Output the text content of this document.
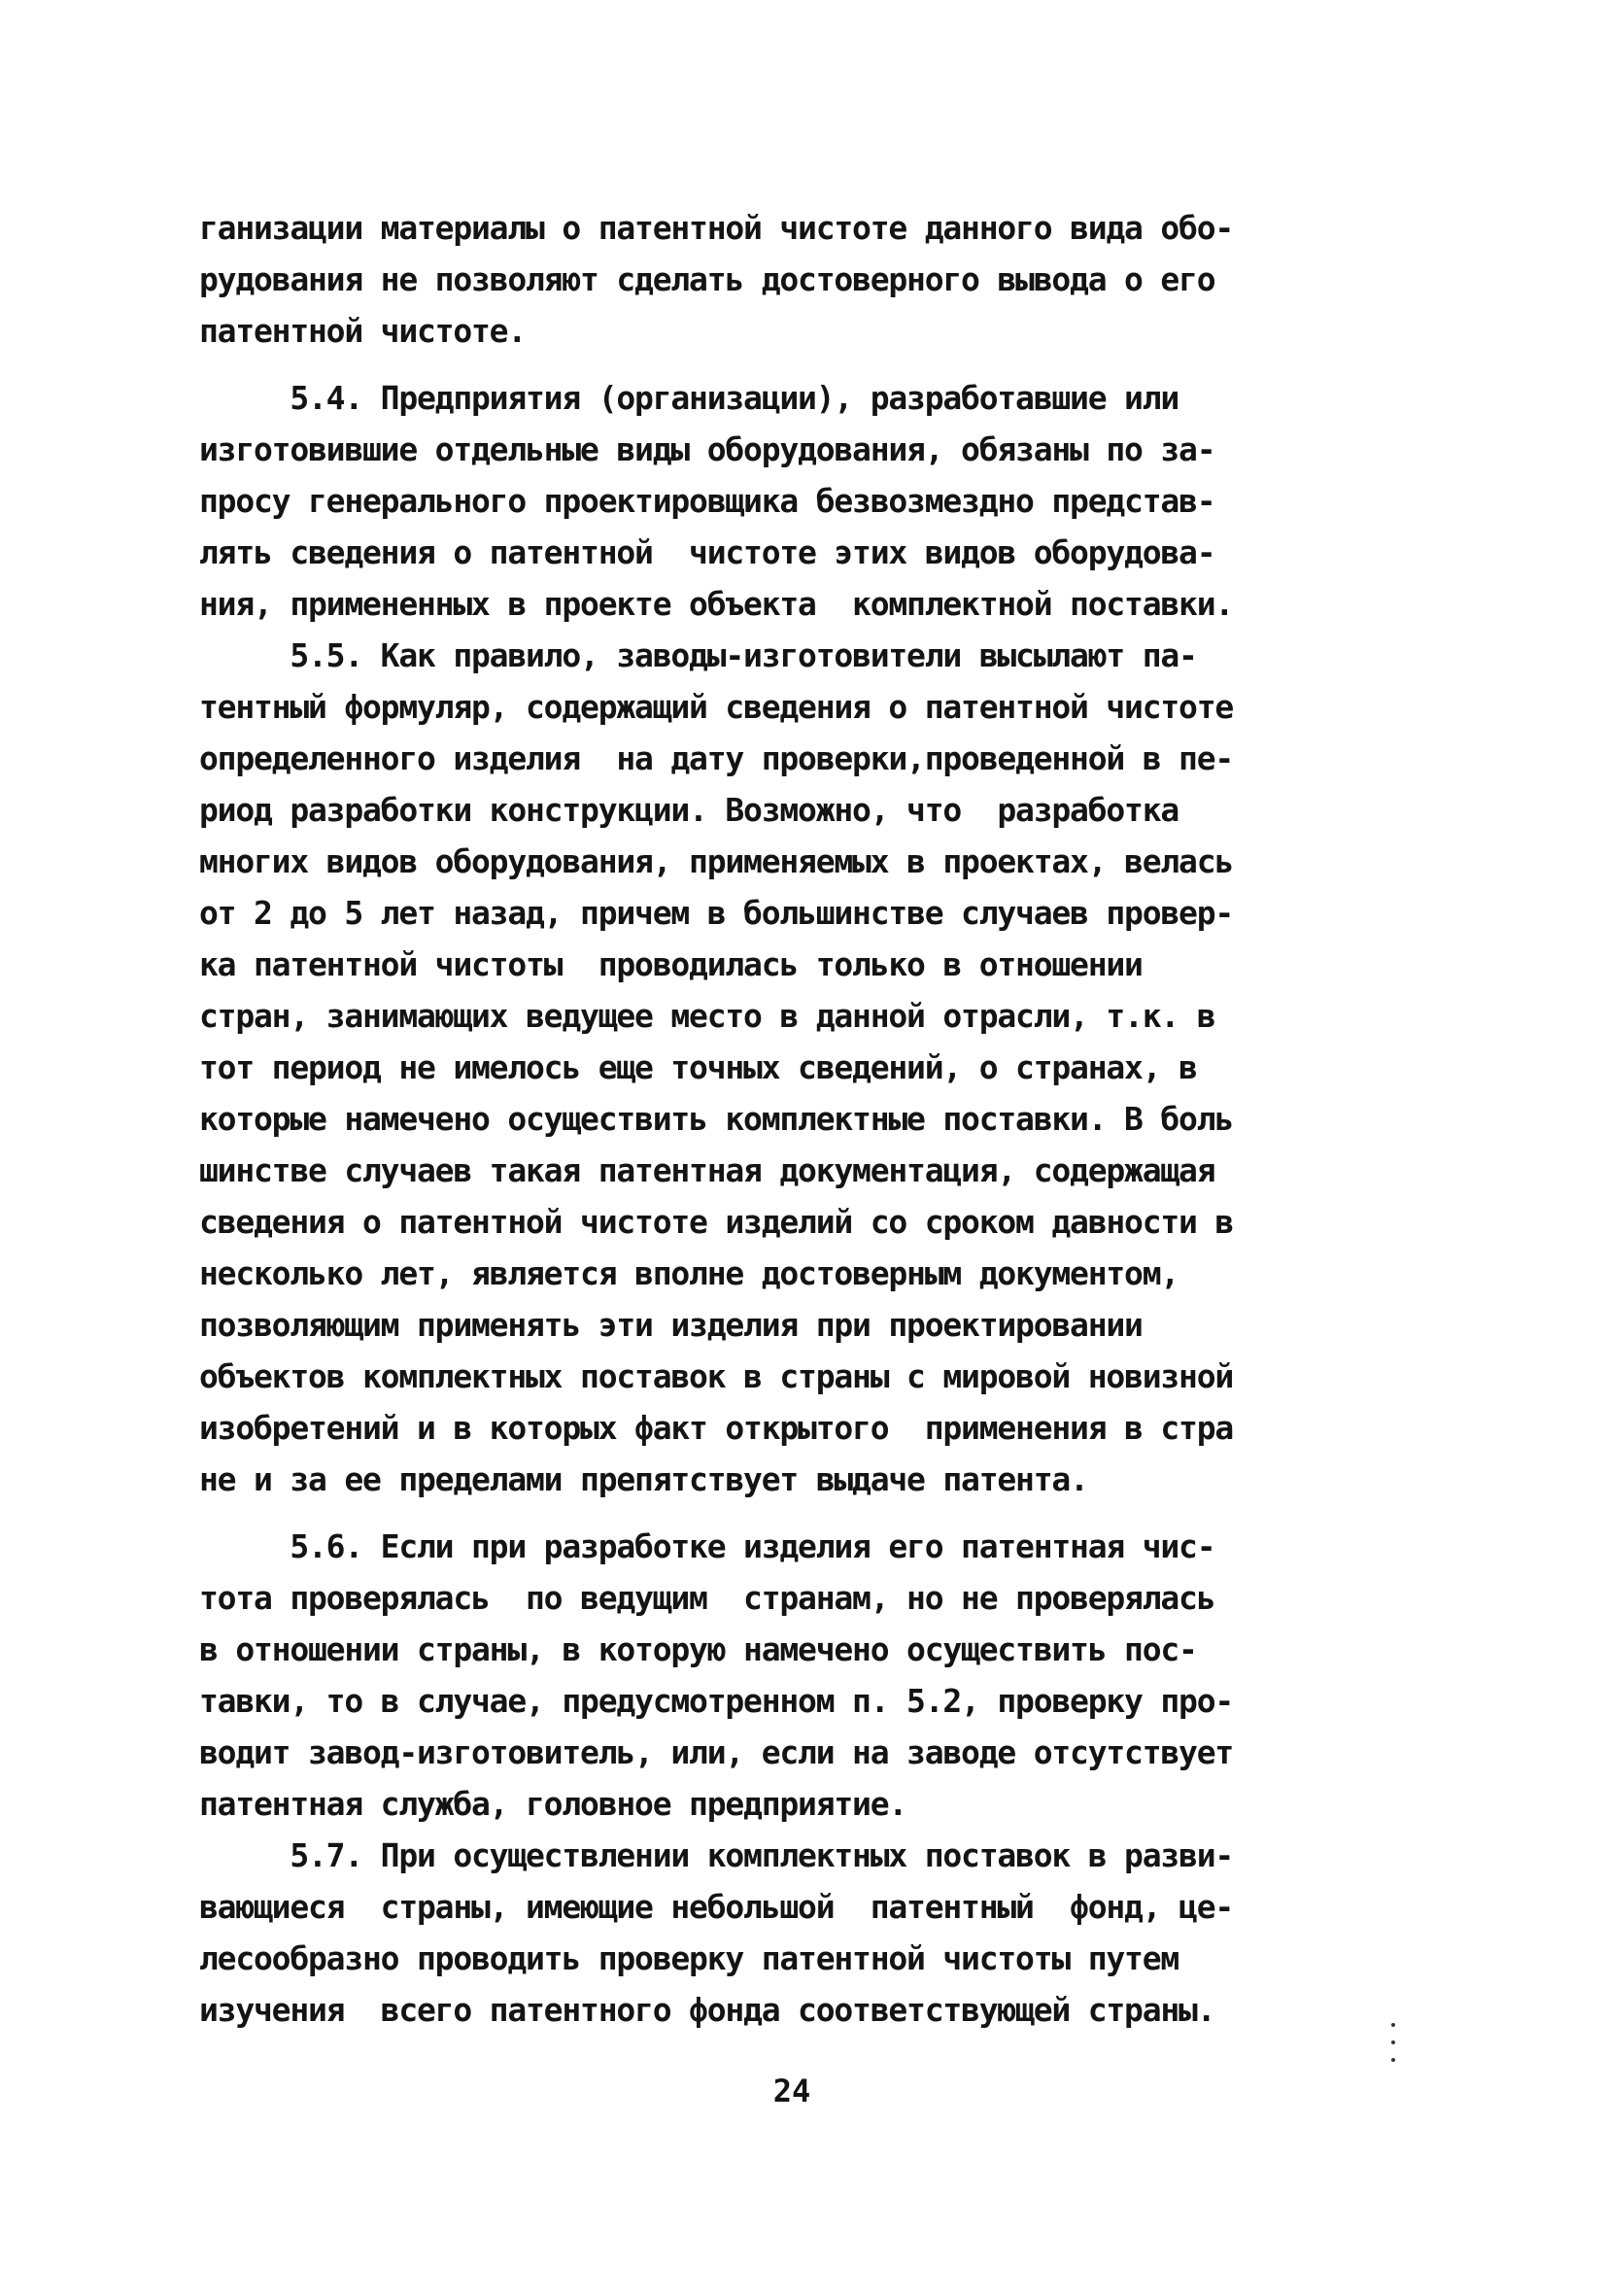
ганизации материалы о патентной чистоте данного вида обо-
рудования не позволяют сделать достоверного вывода о его
патентной чистоте.
5.4. Предприятия (организации), разработавшие или
изготовившие отдельные виды оборудования, обязаны по за-
просу генерального проектировщика безвозмездно представ-
лять сведения о патентной  чистоте этих видов оборудова-
ния, примененных в проекте объекта  комплектной поставки.
5.5. Как правило, заводы-изготовители высылают па-
тентный формуляр, содержащий сведения о патентной чистоте
определенного изделия  на дату проверки,проведенной в пе-
риод разработки конструкции. Возможно, что  разработка
многих видов оборудования, применяемых в проектах, велась
от 2 до 5 лет назад, причем в большинстве случаев провер-
ка патентной чистоты  проводилась только в отношении
стран, занимающих ведущее место в данной отрасли, т.к. в
тот период не имелось еще точных сведений, о странах, в
которые намечено осуществить комплектные поставки. В боль
шинстве случаев такая патентная документация, содержащая
сведения о патентной чистоте изделий со сроком давности в
несколько лет, является вполне достоверным документом,
позволяющим применять эти изделия при проектировании
объектов комплектных поставок в страны с мировой новизной
изобретений и в которых факт открытого  применения в стра
не и за ее пределами препятствует выдаче патента.
5.6. Если при разработке изделия его патентная чис-
тота проверялась  по ведущим  странам, но не проверялась
в отношении страны, в которую намечено осуществить пос-
тавки, то в случае, предусмотренном п. 5.2, проверку про-
водит завод-изготовитель, или, если на заводе отсутствует
патентная служба, головное предприятие.
5.7. При осуществлении комплектных поставок в разви-
вающиеся  страны, имеющие небольшой  патентный  фонд, це-
лесообразно проводить проверку патентной чистоты путем
изучения  всего патентного фонда соответствующей страны.
24
